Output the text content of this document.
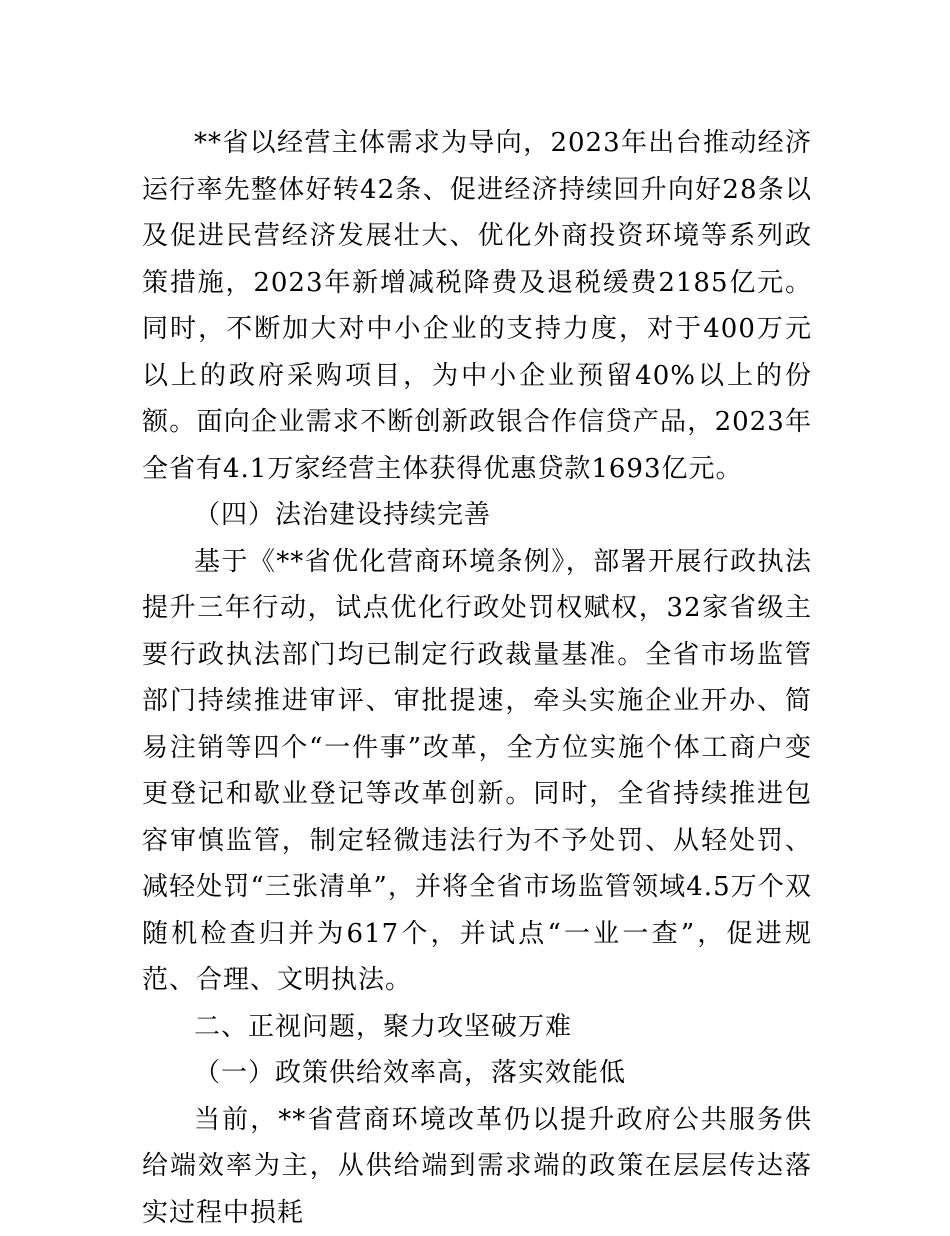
**省以经营主体需求为导向，2023年出台推动经济运行率先整体好转42条、促进经济持续回升向好28条以及促进民营经济发展壮大、优化外商投资环境等系列政策措施，2023年新增减税降费及退税缓费2185亿元。同时，不断加大对中小企业的支持力度，对于400万元以上的政府采购项目，为中小企业预留40%以上的份额。面向企业需求不断创新政银合作信贷产品，2023年全省有4.1万家经营主体获得优惠贷款1693亿元。

（四）法治建设持续完善

基于《**省优化营商环境条例》，部署开展行政执法提升三年行动，试点优化行政处罚权赋权，32家省级主要行政执法部门均已制定行政裁量基准。全省市场监管部门持续推进审评、审批提速，牵头实施企业开办、简易注销等四个“一件事”改革，全方位实施个体工商户变更登记和歇业登记等改革创新。同时，全省持续推进包容审慎监管，制定轻微违法行为不予处罚、从轻处罚、减轻处罚“三张清单”，并将全省市场监管领域4.5万个双随机检查归并为617个，并试点“一业一查”，促进规范、合理、文明执法。

二、正视问题，聚力攻坚破万难

（一）政策供给效率高，落实效能低

当前，**省营商环境改革仍以提升政府公共服务供给端效率为主，从供给端到需求端的政策在层层传达落实过程中损耗
